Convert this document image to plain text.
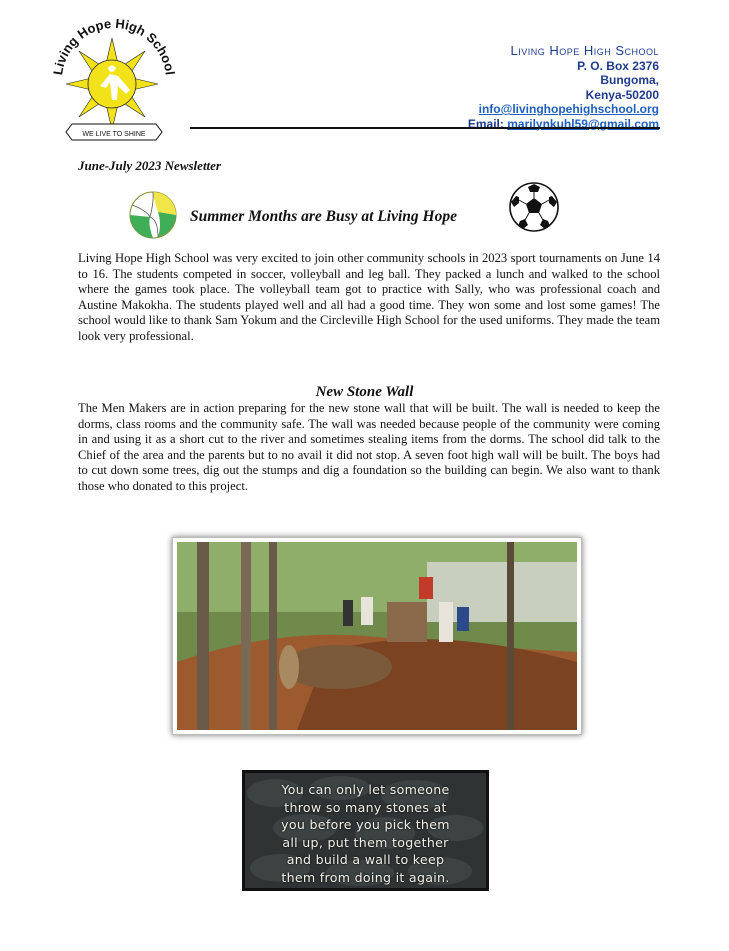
Living Hope High School
WE LIVE TO SHINE
Living Hope High School
P. O. Box 2376
Bungoma,
Kenya-50200
info@livinghopehighschool.org
Email: marilynkuhl59@gmail.com
June-July 2023 Newsletter
Summer Months are Busy at Living Hope
Living Hope High School was very excited to join other community schools in 2023 sport tournaments on June 14 to 16. The students competed in soccer, volleyball and leg ball. They packed a lunch and walked to the school where the games took place. The volleyball team got to practice with Sally, who was professional coach and Austine Makokha. The students played well and all had a good time. They won some and lost some games! The school would like to thank Sam Yokum and the Circleville High School for the used uniforms. They made the team look very professional.
New Stone Wall
The Men Makers are in action preparing for the new stone wall that will be built. The wall is needed to keep the dorms, class rooms and the community safe. The wall was needed because people of the community were coming in and using it as a short cut to the river and sometimes stealing items from the dorms. The school did talk to the Chief of the area and the parents but to no avail it did not stop. A seven foot high wall will be built. The boys had to cut down some trees, dig out the stumps and dig a foundation so the building can begin. We also want to thank those who donated to this project.
You can only let someone
throw so many stones at
you before you pick them
all up, put them together
and build a wall to keep
them from doing it again.
